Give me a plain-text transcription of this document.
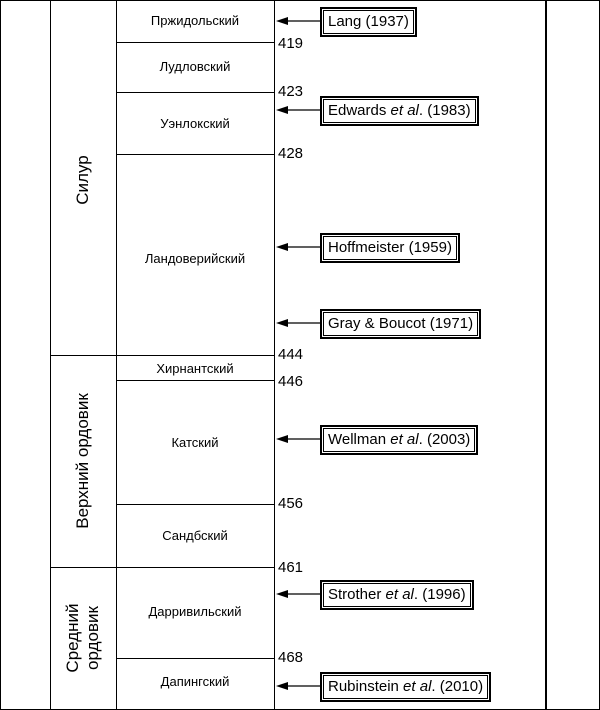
Силур
Верхний ордовик
Средний ордовик
Пржидольский
Лудловский
Уэнлокский
Ландоверийский
Хирнантский
Катский
Сандбский
Дарривильский
Дапингский
419
423
428
444
446
456
461
468
Lang (1937)
Edwards et al. (1983)
Hoffmeister (1959)
Gray & Boucot (1971)
Wellman et al. (2003)
Strother et al. (1996)
Rubinstein et al. (2010)
